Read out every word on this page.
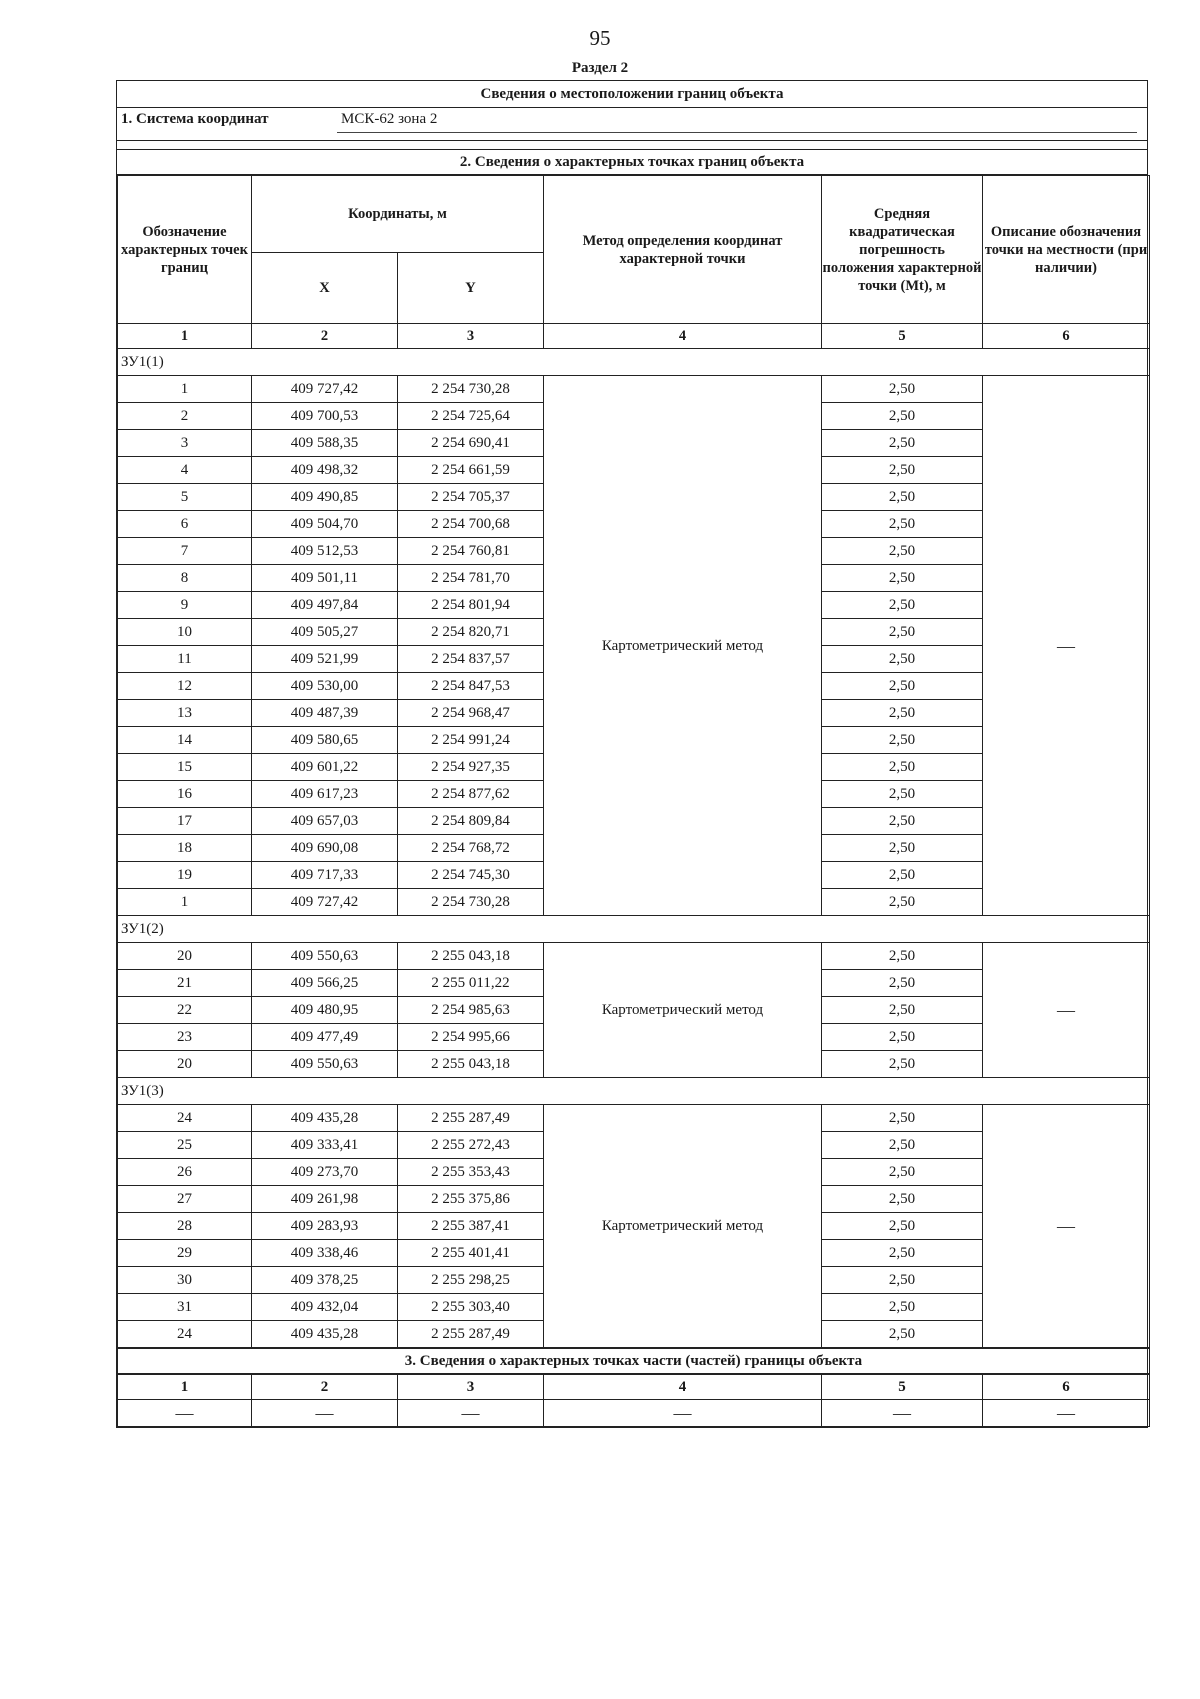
95
Раздел 2
Сведения о местоположении границ объекта
1. Система координат	МСК-62 зона 2
2. Сведения о характерных точках границ объекта
Обозначение характерных точек границ	Координаты, м		Метод определения координат характерной точки	Средняя квадратическая погрешность положения характерной точки (Mt), м	Описание обозначения точки на местности (при наличии)
	X	Y			
1	2	3	4	5	6
ЗУ1(1)					
1	409 727,42	2 254 730,28	Картометрический метод	2,50	—
2	409 700,53	2 254 725,64		2,50	
3	409 588,35	2 254 690,41		2,50	
4	409 498,32	2 254 661,59		2,50	
5	409 490,85	2 254 705,37		2,50	
6	409 504,70	2 254 700,68		2,50	
7	409 512,53	2 254 760,81		2,50	
8	409 501,11	2 254 781,70		2,50	
9	409 497,84	2 254 801,94		2,50	
10	409 505,27	2 254 820,71		2,50	
11	409 521,99	2 254 837,57		2,50	
12	409 530,00	2 254 847,53		2,50	
13	409 487,39	2 254 968,47		2,50	
14	409 580,65	2 254 991,24		2,50	
15	409 601,22	2 254 927,35		2,50	
16	409 617,23	2 254 877,62		2,50	
17	409 657,03	2 254 809,84		2,50	
18	409 690,08	2 254 768,72		2,50	
19	409 717,33	2 254 745,30		2,50	
1	409 727,42	2 254 730,28		2,50	
ЗУ1(2)					
20	409 550,63	2 255 043,18	Картометрический метод	2,50	—
21	409 566,25	2 255 011,22		2,50	
22	409 480,95	2 254 985,63		2,50	
23	409 477,49	2 254 995,66		2,50	
20	409 550,63	2 255 043,18		2,50	
ЗУ1(3)					
24	409 435,28	2 255 287,49	Картометрический метод	2,50	—
25	409 333,41	2 255 272,43		2,50	
26	409 273,70	2 255 353,43		2,50	
27	409 261,98	2 255 375,86		2,50	
28	409 283,93	2 255 387,41		2,50	
29	409 338,46	2 255 401,41		2,50	
30	409 378,25	2 255 298,25		2,50	
31	409 432,04	2 255 303,40		2,50	
24	409 435,28	2 255 287,49		2,50	
3. Сведения о характерных точках части (частей) границы объекта					
1	2	3	4	5	6
—	—	—	—	—	—
